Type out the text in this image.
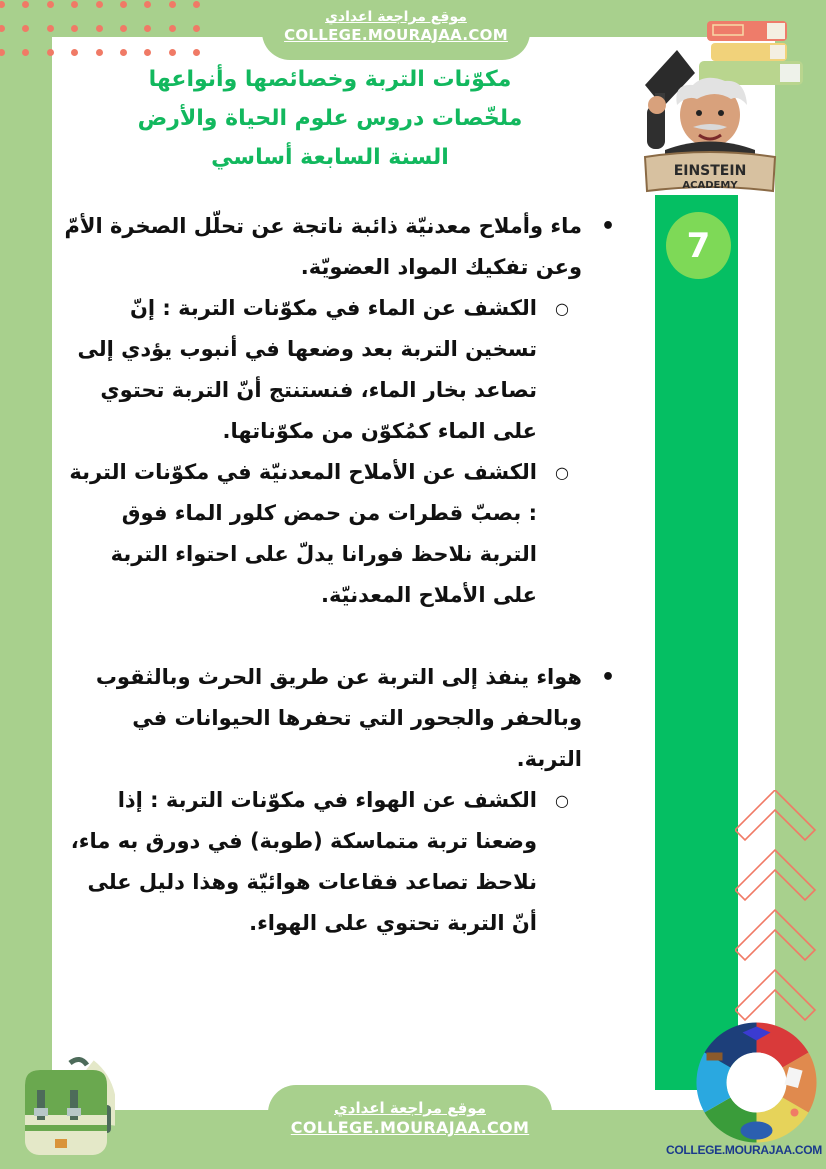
موقع مراجعة اعدادي
COLLEGE.MOURAJAA.COM
مكوّنات التربة وخصائصها وأنواعها
ملخّصات دروس علوم الحياة والأرض
السنة السابعة أساسي
EINSTEIN
ACADEMY
7
•
ماء وأملاح معدنيّة ذائبة ناتجة عن تحلّل الصخرة الأمّ وعن تفكيك المواد العضويّة.
○
الكشف عن الماء في مكوّنات التربة : إنّ تسخين التربة بعد وضعها في أنبوب يؤدي إلى تصاعد بخار الماء، فنستنتج أنّ التربة تحتوي على الماء كمُكوّن من مكوّناتها.
○
الكشف عن الأملاح المعدنيّة في مكوّنات التربة : بصبّ قطرات من حمض كلور الماء فوق التربة نلاحظ فورانا يدلّ على احتواء التربة على الأملاح المعدنيّة.
•
هواء ينفذ إلى التربة عن طريق الحرث وبالثقوب وبالحفر والجحور التي تحفرها الحيوانات في التربة.
○
الكشف عن الهواء في مكوّنات التربة : إذا وضعنا تربة متماسكة (طوبة) في دورق به ماء، نلاحظ تصاعد فقاعات هوائيّة وهذا دليل على أنّ التربة تحتوي على الهواء.
COLLEGE.MOURAJAA.COM
موقع مراجعة اعدادي
COLLEGE.MOURAJAA.COM
